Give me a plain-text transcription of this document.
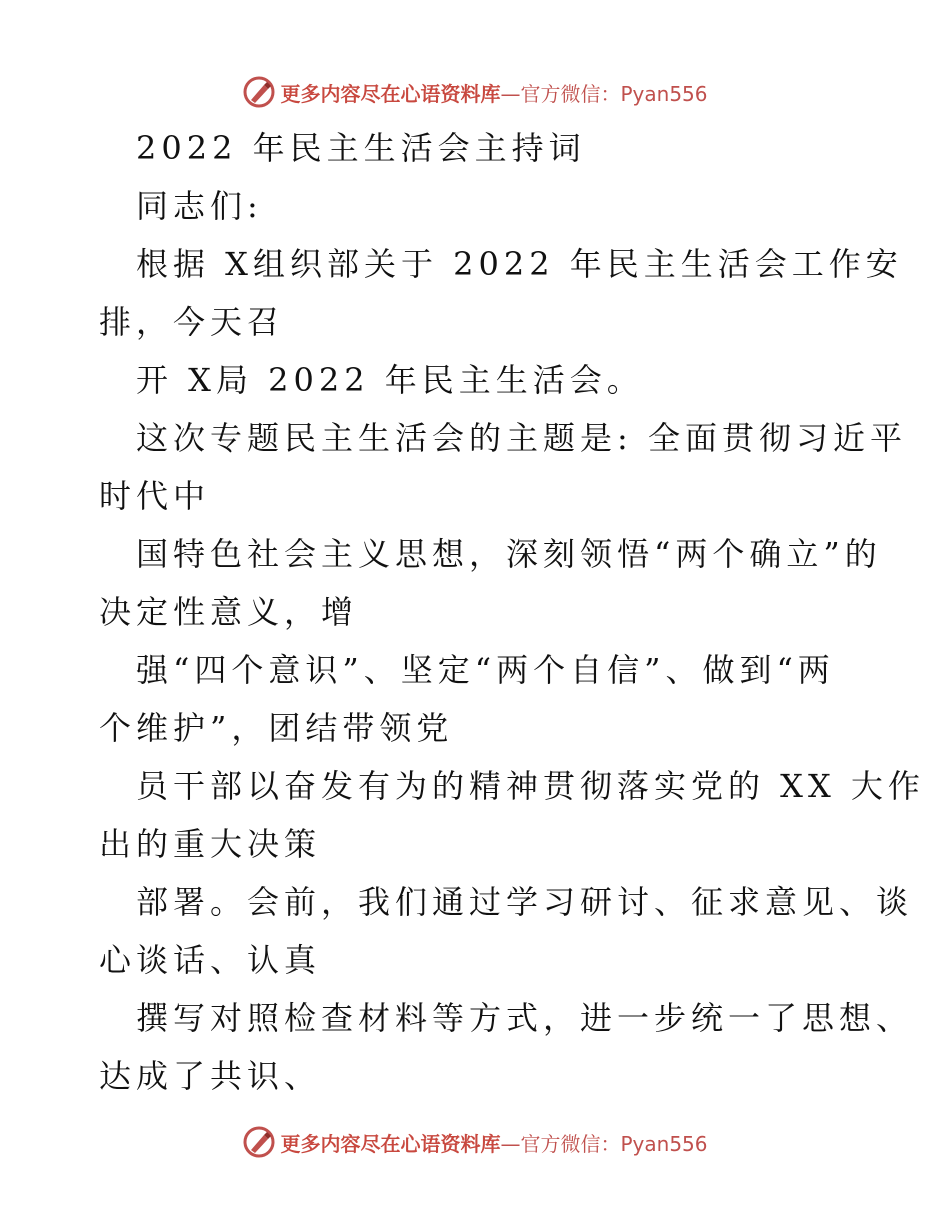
更多内容尽在心语资料库—官方微信：Pyan556
2022 年民主生活会主持词
同志们:
根据 X组织部关于 2022 年民主生活会工作安
排，今天召
开 X局 2022 年民主生活会。
这次专题民主生活会的主题是: 全面贯彻习近平
时代中
国特色社会主义思想，深刻领悟“两个确立”的
决定性意义，增
强“四个意识”、坚定“两个自信”、做到“两
个维护”，团结带领党
员干部以奋发有为的精神贯彻落实党的 XX 大作
出的重大决策
部署。会前，我们通过学习研讨、征求意见、谈
心谈话、认真
撰写对照检查材料等方式，进一步统一了思想、
达成了共识、
更多内容尽在心语资料库—官方微信：Pyan556
